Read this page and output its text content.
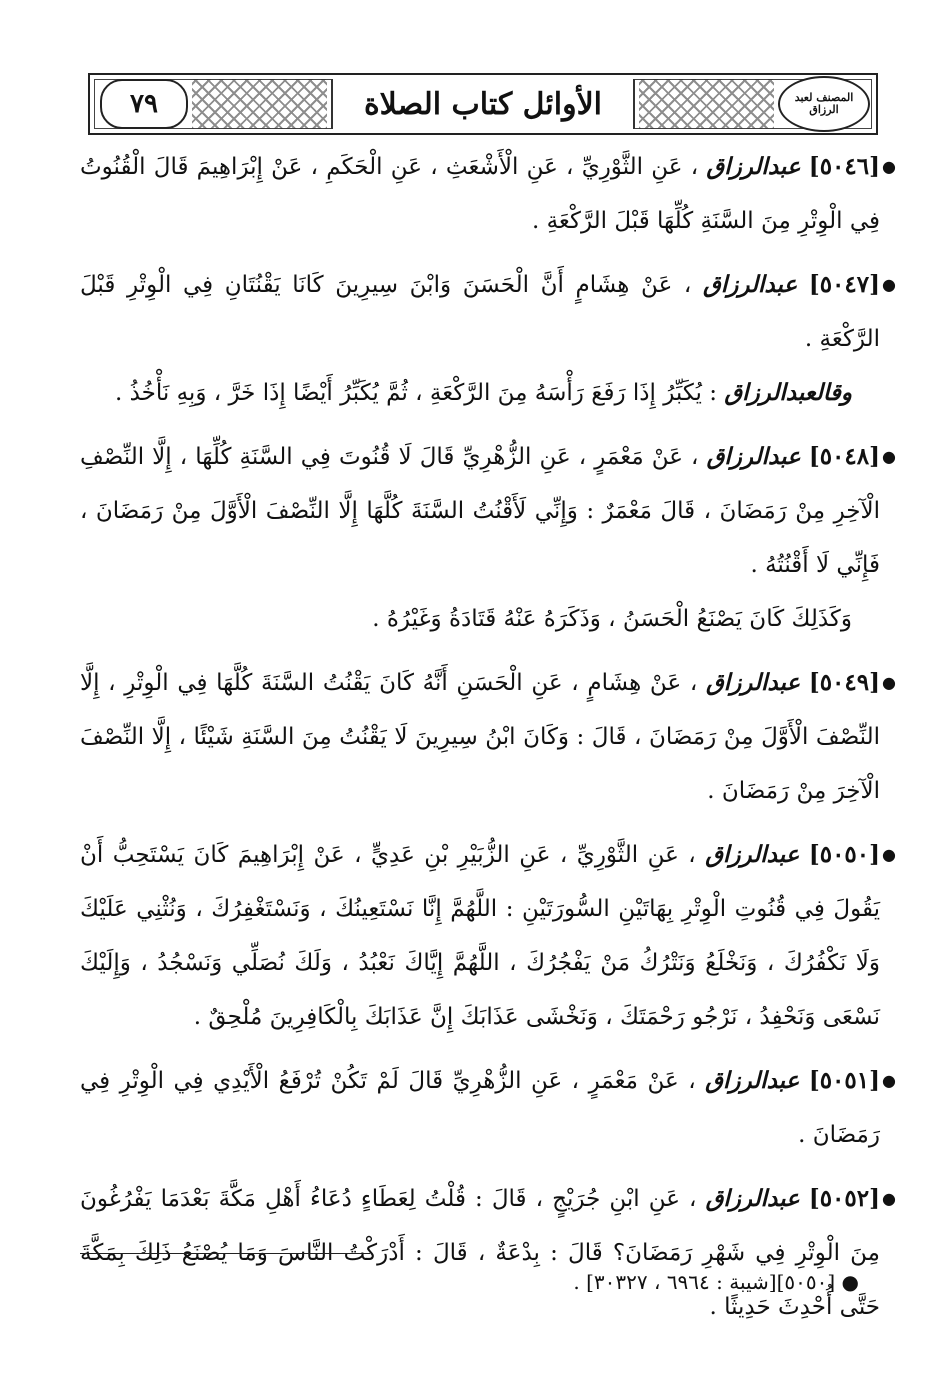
٧٩	الأوائل كتاب الصلاة	المصنف لعبد الرزاق

●
[٥٠٤٦] عبدالرزاق ، عَنِ الثَّوْرِيِّ ، عَنِ الْأَشْعَثِ ، عَنِ الْحَكَمِ ، عَنْ إِبْرَاهِيمَ قَالَ الْقُنُوتُ فِي الْوِتْرِ مِنَ السَّنَةِ كُلِّهَا قَبْلَ الرَّكْعَةِ .

●
[٥٠٤٧] عبدالرزاق ، عَنْ هِشَامٍ أَنَّ الْحَسَنَ وَابْنَ سِيرِينَ كَانَا يَقْنُتَانِ فِي الْوِتْرِ قَبْلَ الرَّكْعَةِ .

وقالعبدالرزاق : يُكَبِّرُ إِذَا رَفَعَ رَأْسَهُ مِنَ الرَّكْعَةِ ، ثُمَّ يُكَبِّرُ أَيْضًا إِذَا خَرَّ ، وَبِهِ نَأْخُذُ .

●
[٥٠٤٨] عبدالرزاق ، عَنْ مَعْمَرٍ ، عَنِ الزُّهْرِيِّ قَالَ لَا قُنُوتَ فِي السَّنَةِ كُلِّهَا ، إِلَّا النِّصْفِ الْآخِرِ مِنْ رَمَضَانَ ، قَالَ مَعْمَرٌ : وَإِنِّي لَأَقْنُتُ السَّنَةَ كُلَّهَا إِلَّا النِّصْفَ الْأَوَّلَ مِنْ رَمَضَانَ ، فَإِنِّي لَا أَقْنُتُهُ .

وَكَذَلِكَ كَانَ يَصْنَعُ الْحَسَنُ ، وَذَكَرَهُ عَنْهُ قَتَادَةُ وَغَيْرُهُ .

●
[٥٠٤٩] عبدالرزاق ، عَنْ هِشَامٍ ، عَنِ الْحَسَنِ أَنَّهُ كَانَ يَقْنُتُ السَّنَةَ كُلَّهَا فِي الْوِتْرِ ، إِلَّا النِّصْفَ الْأَوَّلَ مِنْ رَمَضَانَ ، قَالَ : وَكَانَ ابْنُ سِيرِينَ لَا يَقْنُتُ مِنَ السَّنَةِ شَيْئًا ، إِلَّا النِّصْفَ الْآخِرَ مِنْ رَمَضَانَ .

●
[٥٠٥٠] عبدالرزاق ، عَنِ الثَّوْرِيِّ ، عَنِ الزُّبَيْرِ بْنِ عَدِيٍّ ، عَنْ إِبْرَاهِيمَ كَانَ يَسْتَحِبُّ أَنْ يَقُولَ فِي قُنُوتِ الْوِتْرِ بِهَاتَيْنِ السُّورَتَيْنِ : اللَّهُمَّ إِنَّا نَسْتَعِينُكَ ، وَنَسْتَغْفِرُكَ ، وَنُثْنِي عَلَيْكَ وَلَا نَكْفُرُكَ ، وَنَخْلَعُ وَنَتْرُكُ مَنْ يَفْجُرُكَ ، اللَّهُمَّ إِيَّاكَ نَعْبُدُ ، وَلَكَ نُصَلِّي وَنَسْجُدُ ، وَإِلَيْكَ نَسْعَى وَنَحْفِدُ ، نَرْجُو رَحْمَتَكَ ، وَنَخْشَى عَذَابَكَ إِنَّ عَذَابَكَ بِالْكَافِرِينَ مُلْحِقٌ .

●
[٥٠٥١] عبدالرزاق ، عَنْ مَعْمَرٍ ، عَنِ الزُّهْرِيِّ قَالَ لَمْ تَكُنْ تُرْفَعُ الْأَيْدِي فِي الْوِتْرِ فِي رَمَضَانَ .

●
[٥٠٥٢] عبدالرزاق ، عَنِ ابْنِ جُرَيْجٍ ، قَالَ : قُلْتُ لِعَطَاءٍ دُعَاءُ أَهْلِ مَكَّةَ بَعْدَمَا يَفْرُغُونَ مِنَ الْوِتْرِ فِي شَهْرِ رَمَضَانَ؟ قَالَ : بِدْعَةٌ ، قَالَ : أَدْرَكْتُ النَّاسَ وَمَا يُصْنَعُ ذَلِكَ بِمَكَّةَ حَتَّى أُحْدِثَ حَدِيثًا .

● [٥٠٥٠][شيبة : ٦٩٦٤ ، ٣٠٣٢٧] .
